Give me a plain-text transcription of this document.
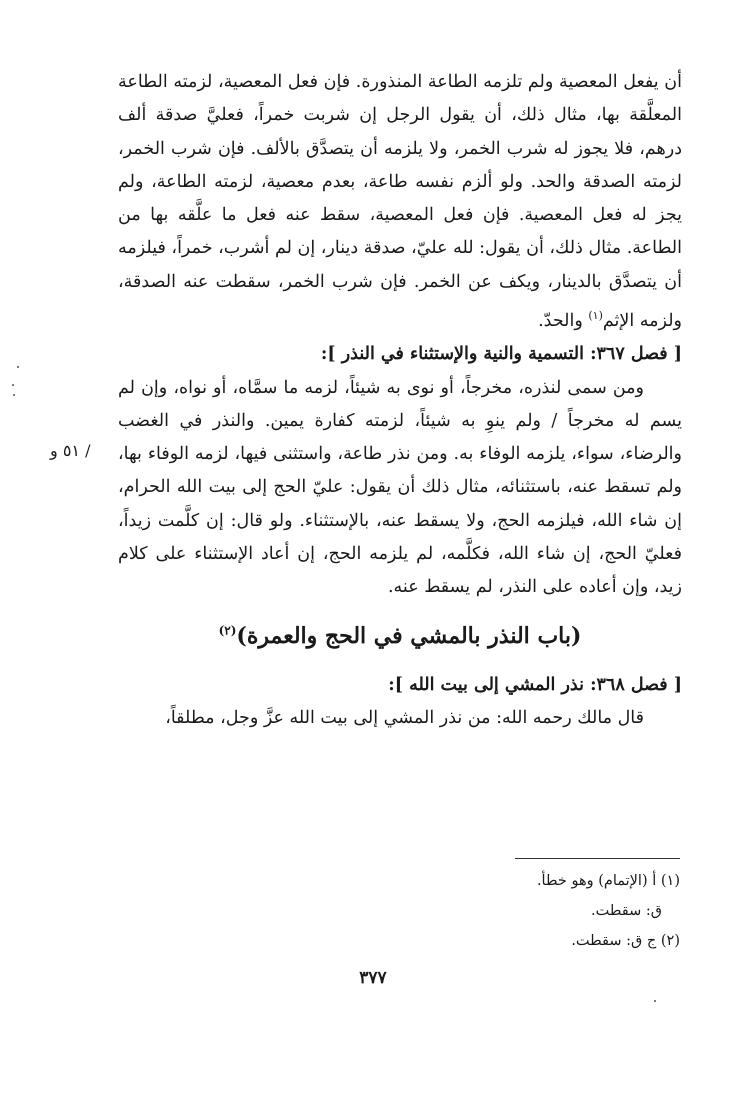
أن يفعل المعصية ولم تلزمه الطاعة المنذورة. فإن فعل المعصية، لزمته الطاعة المعلَّقة بها، مثال ذلك، أن يقول الرجل إن شربت خمراً، فعليَّ صدقة ألف درهم، فلا يجوز له شرب الخمر، ولا يلزمه أن يتصدَّق بالألف. فإن شرب الخمر، لزمته الصدقة والحد. ولو ألزم نفسه طاعة، بعدم معصية، لزمته الطاعة، ولم يجز له فعل المعصية. فإن فعل المعصية، سقط عنه فعل ما علَّقه بها من الطاعة. مثال ذلك، أن يقول: لله عليّ، صدقة دينار، إن لم أشرب، خمراً، فيلزمه أن يتصدَّق بالدينار، ويكف عن الخمر. فإن شرب الخمر، سقطت عنه الصدقة، ولزمه الإثم$^{(١)}$ والحدّ.

[ فصل ٣٦٧: التسمية والنية والإستثناء في النذر ]:

ومن سمى لنذره، مخرجاً، أو نوى به شيئاً، لزمه ما سمَّاه، أو نواه، وإن لم يسم له مخرجاً / ولم ينوِ به شيئاً، لزمته كفارة يمين. والنذر في الغضب والرضاء، سواء، يلزمه الوفاء به. ومن نذر طاعة، واستثنى فيها، لزمه الوفاء بها، ولم تسقط عنه، باستثنائه، مثال ذلك أن يقول: عليّ الحج إلى بيت الله الحرام، إن شاء الله، فيلزمه الحج، ولا يسقط عنه، بالإستثناء. ولو قال: إن كلَّمت زيداً، فعليّ الحج، إن شاء الله، فكلَّمه، لم يلزمه الحج، إن أعاد الإستثناء على كلام زيد، وإن أعاده على النذر، لم يسقط عنه.

(باب النذر بالمشي في الحج والعمرة)$^{(٢)}$

[ فصل ٣٦٨: نذر المشي إلى بيت الله ]:

قال مالك رحمه الله: من نذر المشي إلى بيت الله عزَّ وجل، مطلقاً،

/ ٥١ و
(١) أ (الإتمام) وهو خطأ.
ق: سقطت.
(٢) ج ق: سقطت.
٣٧٧
